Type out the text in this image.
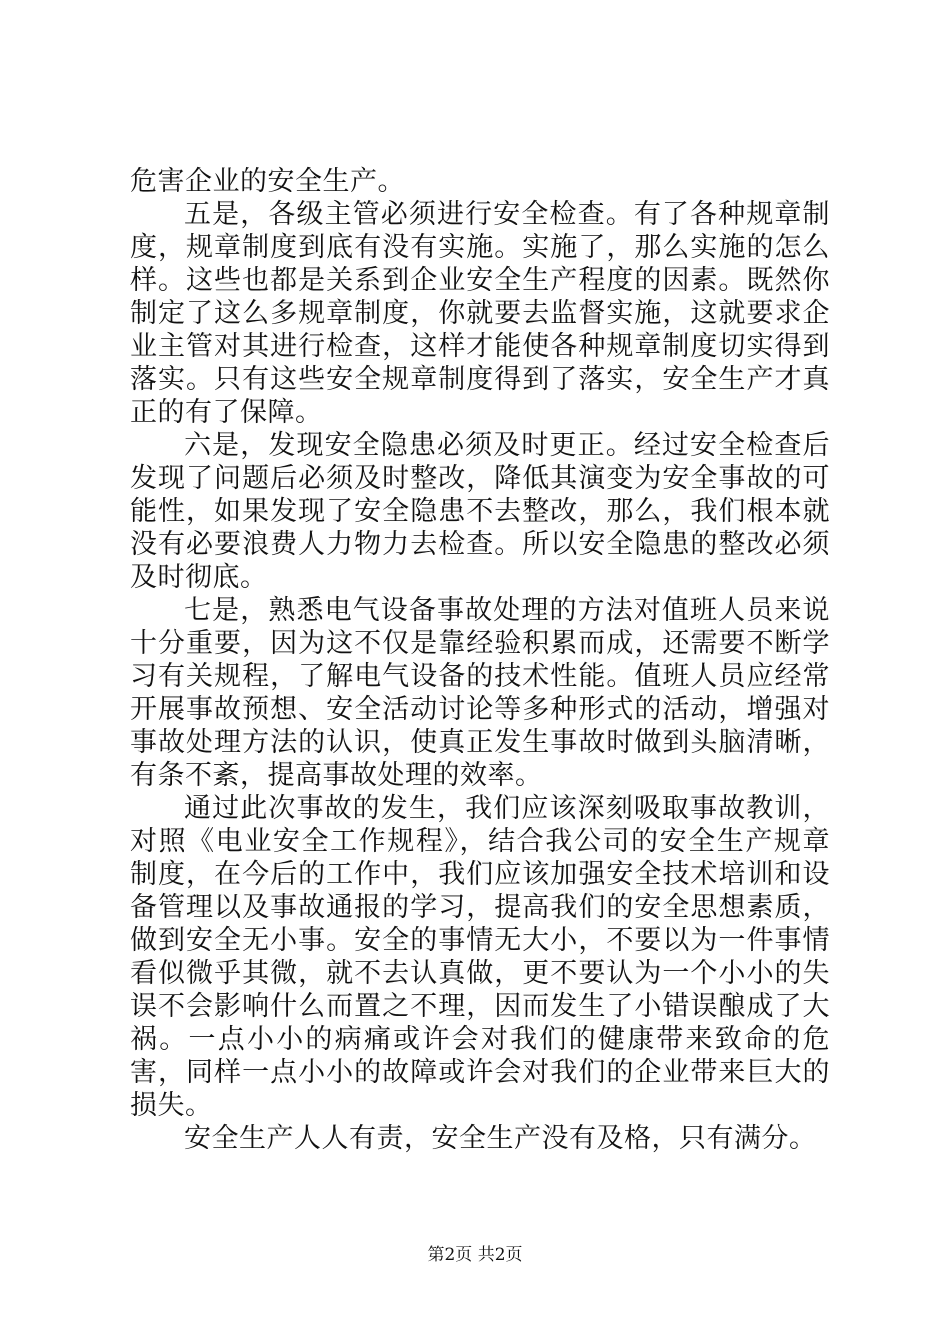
危害企业的安全生产。

五是，各级主管必须进行安全检查。有了各种规章制度，规章制度到底有没有实施。实施了，那么实施的怎么样。这些也都是关系到企业安全生产程度的因素。既然你制定了这么多规章制度，你就要去监督实施，这就要求企业主管对其进行检查，这样才能使各种规章制度切实得到落实。只有这些安全规章制度得到了落实，安全生产才真正的有了保障。

六是，发现安全隐患必须及时更正。经过安全检查后发现了问题后必须及时整改，降低其演变为安全事故的可能性，如果发现了安全隐患不去整改，那么，我们根本就没有必要浪费人力物力去检查。所以安全隐患的整改必须及时彻底。

七是，熟悉电气设备事故处理的方法对值班人员来说十分重要，因为这不仅是靠经验积累而成，还需要不断学习有关规程，了解电气设备的技术性能。值班人员应经常开展事故预想、安全活动讨论等多种形式的活动，增强对事故处理方法的认识，使真正发生事故时做到头脑清晰，有条不紊，提高事故处理的效率。

通过此次事故的发生，我们应该深刻吸取事故教训，对照《电业安全工作规程》，结合我公司的安全生产规章制度，在今后的工作中，我们应该加强安全技术培训和设备管理以及事故通报的学习，提高我们的安全思想素质，做到安全无小事。安全的事情无大小，不要以为一件事情看似微乎其微，就不去认真做，更不要认为一个小小的失误不会影响什么而置之不理，因而发生了小错误酿成了大祸。一点小小的病痛或许会对我们的健康带来致命的危害，同样一点小小的故障或许会对我们的企业带来巨大的损失。

安全生产人人有责，安全生产没有及格，只有满分。

第2页 共2页
